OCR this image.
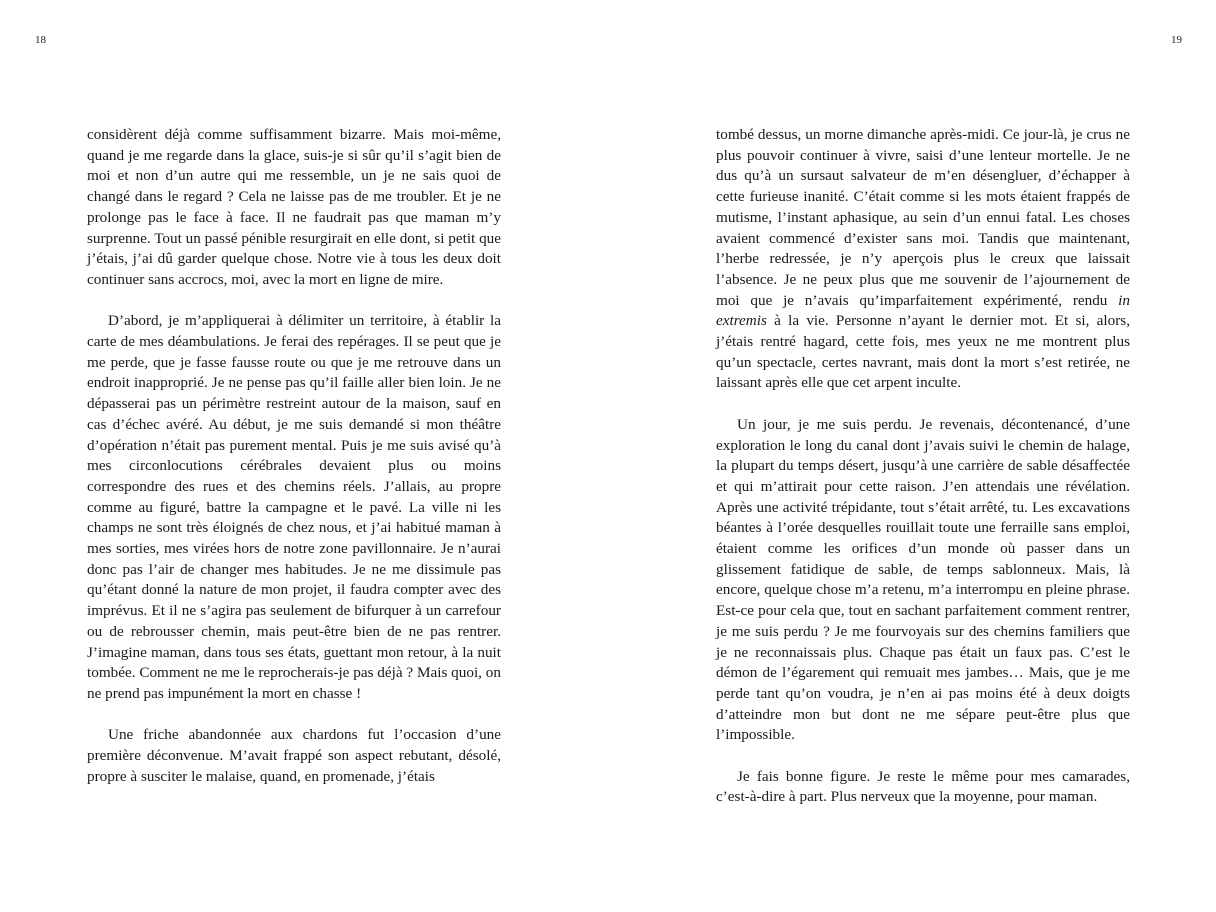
18

considèrent déjà comme suffisamment bizarre. Mais moi-même, quand je me regarde dans la glace, suis-je si sûr qu’il s’agit bien de moi et non d’un autre qui me ressemble, un je ne sais quoi de changé dans le regard ? Cela ne laisse pas de me troubler. Et je ne prolonge pas le face à face. Il ne faudrait pas que maman m’y surprenne. Tout un passé pénible resurgirait en elle dont, si petit que j’étais, j’ai dû garder quelque chose. Notre vie à tous les deux doit continuer sans accrocs, moi, avec la mort en ligne de mire.

D’abord, je m’appliquerai à délimiter un territoire, à établir la carte de mes déambulations. Je ferai des repérages. Il se peut que je me perde, que je fasse fausse route ou que je me retrouve dans un endroit inapproprié. Je ne pense pas qu’il faille aller bien loin. Je ne dépasserai pas un périmètre restreint autour de la maison, sauf en cas d’échec avéré. Au début, je me suis demandé si mon théâtre d’opération n’était pas purement mental. Puis je me suis avisé qu’à mes circonlocutions cérébrales devaient plus ou moins correspondre des rues et des chemins réels. J’allais, au propre comme au figuré, battre la campagne et le pavé. La ville ni les champs ne sont très éloignés de chez nous, et j’ai habitué maman à mes sorties, mes virées hors de notre zone pavillonnaire. Je n’aurai donc pas l’air de changer mes habitudes. Je ne me dissimule pas qu’étant donné la nature de mon projet, il faudra compter avec des imprévus. Et il ne s’agira pas seulement de bifurquer à un carrefour ou de rebrousser chemin, mais peut-être bien de ne pas rentrer. J’imagine maman, dans tous ses états, guettant mon retour, à la nuit tombée. Comment ne me le reprocherais-je pas déjà ? Mais quoi, on ne prend pas impunément la mort en chasse !

Une friche abandonnée aux chardons fut l’occasion d’une première déconvenue. M’avait frappé son aspect rebutant, désolé, propre à susciter le malaise, quand, en promenade, j’étais

19

tombé dessus, un morne dimanche après-midi. Ce jour-là, je crus ne plus pouvoir continuer à vivre, saisi d’une lenteur mortelle. Je ne dus qu’à un sursaut salvateur de m’en désengluer, d’échapper à cette furieuse inanité. C’était comme si les mots étaient frappés de mutisme, l’instant aphasique, au sein d’un ennui fatal. Les choses avaient commencé d’exister sans moi. Tandis que maintenant, l’herbe redressée, je n’y aperçois plus le creux que laissait l’absence. Je ne peux plus que me souvenir de l’ajournement de moi que je n’avais qu’imparfaitement expérimenté, rendu in extremis à la vie. Personne n’ayant le dernier mot. Et si, alors, j’étais rentré hagard, cette fois, mes yeux ne me montrent plus qu’un spectacle, certes navrant, mais dont la mort s’est retirée, ne laissant après elle que cet arpent inculte.

Un jour, je me suis perdu. Je revenais, décontenancé, d’une exploration le long du canal dont j’avais suivi le chemin de halage, la plupart du temps désert, jusqu’à une carrière de sable désaffectée et qui m’attirait pour cette raison. J’en attendais une révélation. Après une activité trépidante, tout s’était arrêté, tu. Les excavations béantes à l’orée desquelles rouillait toute une ferraille sans emploi, étaient comme les orifices d’un monde où passer dans un glissement fatidique de sable, de temps sablonneux. Mais, là encore, quelque chose m’a retenu, m’a interrompu en pleine phrase. Est-ce pour cela que, tout en sachant parfaitement comment rentrer, je me suis perdu ? Je me fourvoyais sur des chemins familiers que je ne reconnaissais plus. Chaque pas était un faux pas. C’est le démon de l’égarement qui remuait mes jambes… Mais, que je me perde tant qu’on voudra, je n’en ai pas moins été à deux doigts d’atteindre mon but dont ne me sépare peut-être plus que l’impossible.

Je fais bonne figure. Je reste le même pour mes camarades, c’est-à-dire à part. Plus nerveux que la moyenne, pour maman.
